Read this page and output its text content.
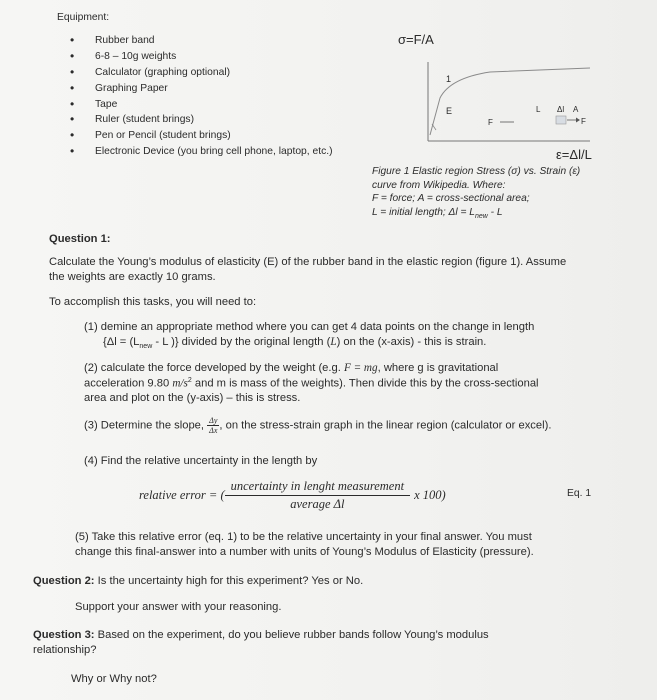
Equipment:
• Rubber band
• 6-8 – 10g weights
• Calculator (graphing optional)
• Graphing Paper
• Tape
• Ruler (student brings)
• Pen or Pencil (student brings)
• Electronic Device (you bring cell phone, laptop, etc.)
σ=F/A
1
E	L Δl A
F	F
ε=Δl/L
Figure 1 Elastic region Stress (σ) vs. Strain (ε)
curve from Wikipedia. Where:
F = force; A = cross-sectional area;
L = initial length; $\Delta l = L_{new} - L$
Question 1:
Calculate the Young’s modulus of elasticity (E) of the rubber band in the elastic region (figure 1). Assume
the weights are exactly 10 grams.
To accomplish this tasks, you will need to:
(1) demine an appropriate method where you can get 4 data points on the change in length
{$\Delta l = (L_{new} - L$ )} divided by the original length (L) on the (x-axis) - this is strain.
(2) calculate the force developed by the weight (e.g. F = mg, where g is gravitational
acceleration 9.80 $m/s^2$ and m is mass of the weights). Then divide this by the cross-sectional
area and plot on the (y-axis) – this is stress.
(3) Determine the slope, $\frac{\Delta y}{\Delta x}$ , on the stress-strain graph in the linear region (calculator or excel).
(4) Find the relative uncertainty in the length by
relative error = ( $\frac{\text{uncertainty in lenght measurement}}{\text{average Δl}}$ x 100)	Eq. 1
(5) Take this relative error (eq. 1) to be the relative uncertainty in your final answer. You must
change this final-answer into a number with units of Young’s Modulus of Elasticity (pressure).
Question 2: Is the uncertainty high for this experiment? Yes or No.
Support your answer with your reasoning.
Question 3: Based on the experiment, do you believe rubber bands follow Young’s modulus
relationship?
Why or Why not?
